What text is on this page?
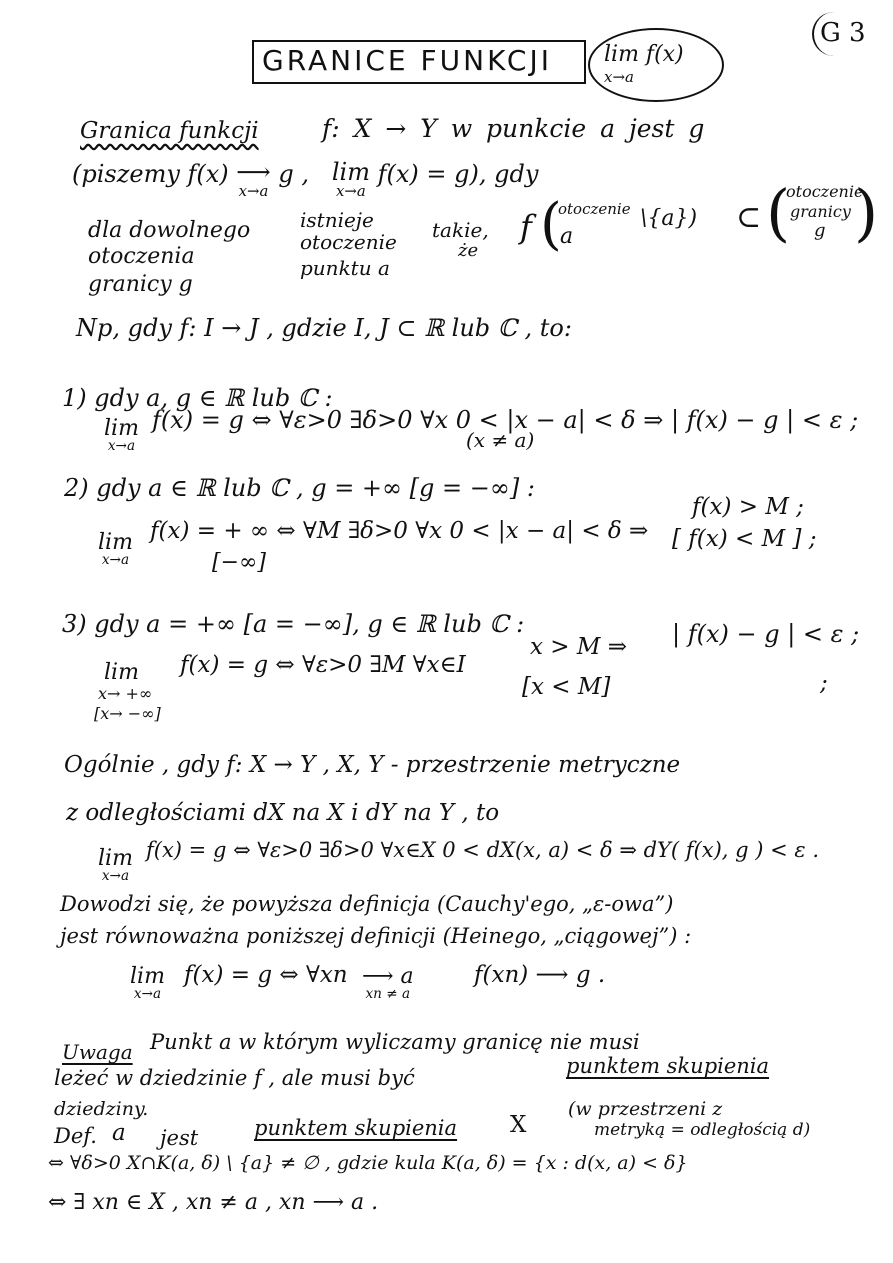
G 3
GRANICE FUNKCJI lim f(x)
x→a
Granica funkcji	f: X → Y w punkcie a jest g
(piszemy f(x) ⟶
x→a
g , lim
x→a
f(x) = g), gdy
dla dowolnego
otoczenia
granicy g
istnieje
otoczenie
punktu a
takie,
że
f (
otoczenie
a
\{a}) ⊂ (
otoczenie
granicy
g )
Np, gdy f: I → J , gdzie I, J ⊂ ℝ lub ℂ , to:
1) gdy a, g ∈ ℝ lub ℂ :
lim
x→a
f(x) = g ⇔ ∀ε>0 ∃δ>0 ∀x 0 < |x − a| < δ ⇒ | f(x) − g | < ε ;
(x ≠ a)
2) gdy a ∈ ℝ lub ℂ , g = +∞ [g = −∞] :
lim
x→a
f(x) = + ∞ ⇔ ∀M ∃δ>0 ∀x 0 < |x − a| < δ ⇒
f(x) > M ;
[−∞]
[ f(x) < M ] ;
3) gdy a = +∞ [a = −∞], g ∈ ℝ lub ℂ :
lim
x→ +∞
[x→ −∞]
f(x) = g ⇔ ∀ε>0 ∃M ∀x∈I
x > M ⇒ | f(x) − g | < ε ;
[x < M]	;
Ogólnie , gdy f: X → Y , X, Y - przestrzenie metryczne
z odległościami dX na X i dY na Y , to
lim
x→a
f(x) = g ⇔ ∀ε>0 ∃δ>0 ∀x∈X 0 < dX(x, a) < δ ⇒ dY( f(x), g ) < ε .
Dowodzi się, że powyższa definicja (Cauchy'ego, „ε-owa”)
jest równoważna poniższej definicji (Heinego, „ciągowej”) :
lim
x→a
f(x) = g ⇔ ∀xn ⟶ a
xn ≠ a
f(xn) ⟶ g .
Uwaga Punkt a w którym wyliczamy granicę nie musi
leżeć w dziedzinie f , ale musi być	punktem skupienia
dziedziny.
Def. a jest	punktem skupienia X
(w przestrzeni z
metryką = odległością d)
⇔ ∀δ>0 X∩K(a, δ) \ {a} ≠ ∅ , gdzie kula K(a, δ) = {x : d(x, a) < δ}
⇔ ∃ xn ∈ X , xn ≠ a , xn ⟶ a .
